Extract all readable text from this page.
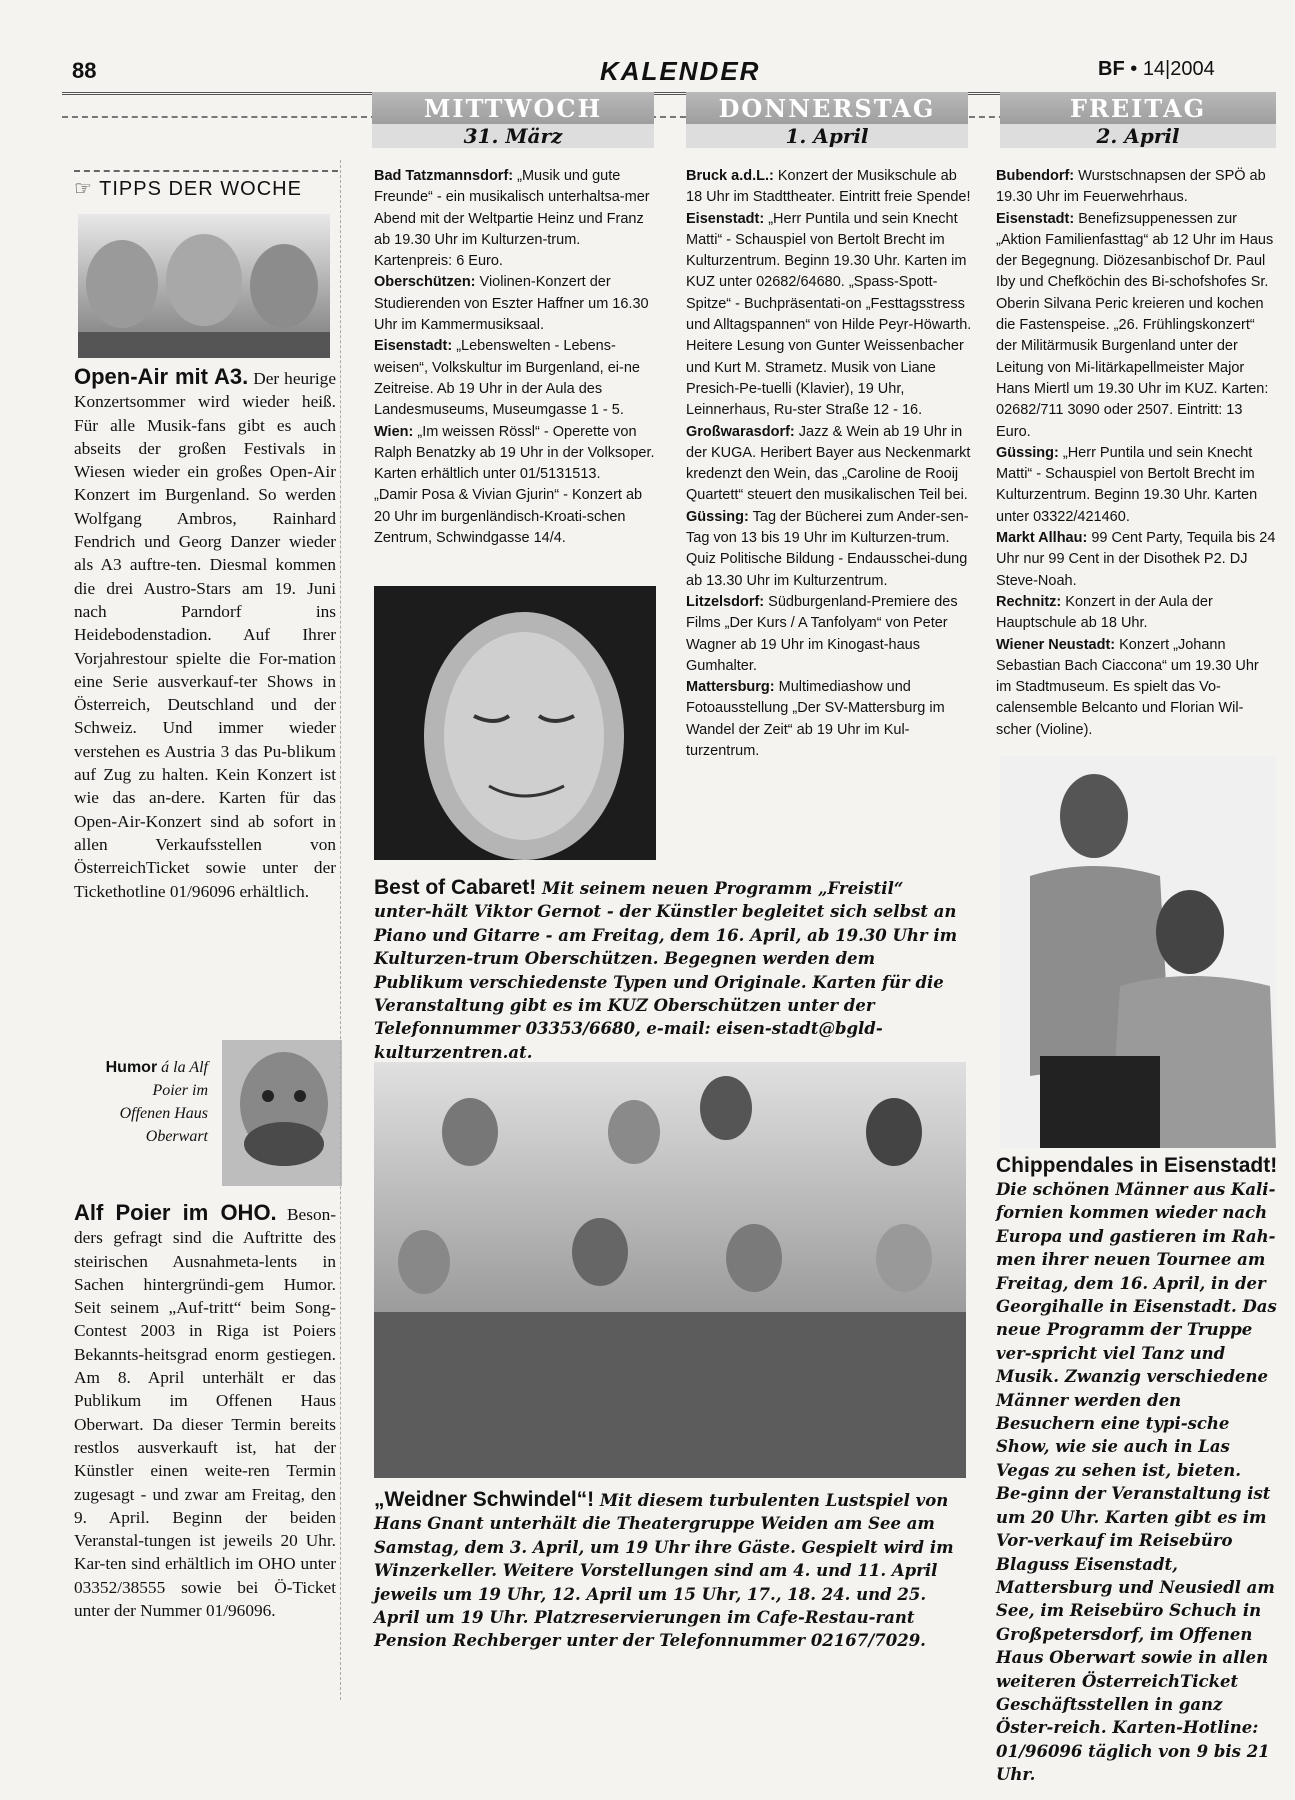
88	KALENDER	BF • 14|2004
MITTWOCH
31. März
DONNERSTAG
1. April
FREITAG
2. April
☞ TIPPS DER WOCHE
Open-Air mit A3. Der heurige Konzertsommer wird wieder heiß. Für alle Musik-fans gibt es auch abseits der großen Festivals in Wiesen wieder ein großes Open-Air Konzert im Burgenland. So werden Wolfgang Ambros, Rainhard Fendrich und Georg Danzer wieder als A3 auftre-ten. Diesmal kommen die drei Austro-Stars am 19. Juni nach Parndorf ins Heidebodenstadion. Auf Ihrer Vorjahrestour spielte die For-mation eine Serie ausverkauf-ter Shows in Österreich, Deutschland und der Schweiz. Und immer wieder verstehen es Austria 3 das Pu-blikum auf Zug zu halten. Kein Konzert ist wie das an-dere. Karten für das Open-Air-Konzert sind ab sofort in allen Verkaufsstellen von ÖsterreichTicket sowie unter der Tickethotline 01/96096 erhältlich.
Humor á la Alf
Poier im
Offenen Haus
Oberwart
Alf Poier im OHO. Beson-ders gefragt sind die Auftritte des steirischen Ausnahmeta-lents in Sachen hintergründi-gem Humor. Seit seinem „Auf-tritt“ beim Song-Contest 2003 in Riga ist Poiers Bekannts-heitsgrad enorm gestiegen. Am 8. April unterhält er das Publikum im Offenen Haus Oberwart. Da dieser Termin bereits restlos ausverkauft ist, hat der Künstler einen weite-ren Termin zugesagt - und zwar am Freitag, den 9. April. Beginn der beiden Veranstal-tungen ist jeweils 20 Uhr. Kar-ten sind erhältlich im OHO unter 03352/38555 sowie bei Ö-Ticket unter der Nummer 01/96096.

Bad Tatzmannsdorf: „Musik und gute Freunde“ - ein musikalisch unterhaltsa-mer Abend mit der Weltpartie Heinz und Franz ab 19.30 Uhr im Kulturzen-trum. Kartenpreis: 6 Euro.

Oberschützen: Violinen-Konzert der Studierenden von Eszter Haffner um 16.30 Uhr im Kammermusiksaal.

Eisenstadt: „Lebenswelten - Lebens-weisen“, Volkskultur im Burgenland, ei-ne Zeitreise. Ab 19 Uhr in der Aula des Landesmuseums, Museumgasse 1 - 5.

Wien: „Im weissen Rössl“ - Operette von Ralph Benatzky ab 19 Uhr in der Volksoper. Karten erhältlich unter 01/5131513.

„Damir Posa & Vivian Gjurin“ - Konzert ab 20 Uhr im burgenländisch-Kroati-schen Zentrum, Schwindgasse 14/4.

Bruck a.d.L.: Konzert der Musikschule ab 18 Uhr im Stadttheater. Eintritt freie Spende!

Eisenstadt: „Herr Puntila und sein Knecht Matti“ - Schauspiel von Bertolt Brecht im Kulturzentrum. Beginn 19.30 Uhr. Karten im KUZ unter 02682/64680. „Spass-Spott-Spitze“ - Buchpräsentati-on „Festtagsstress und Alltagspannen“ von Hilde Peyr-Höwarth. Heitere Lesung von Gunter Weissenbacher und Kurt M. Strametz. Musik von Liane Presich-Pe-tuelli (Klavier), 19 Uhr, Leinnerhaus, Ru-ster Straße 12 - 16.

Großwarasdorf: Jazz & Wein ab 19 Uhr in der KUGA. Heribert Bayer aus Neckenmarkt kredenzt den Wein, das „Caroline de Rooij Quartett“ steuert den musikalischen Teil bei.

Güssing: Tag der Bücherei zum Ander-sen-Tag von 13 bis 19 Uhr im Kulturzen-trum.

Quiz Politische Bildung - Endausschei-dung ab 13.30 Uhr im Kulturzentrum.

Litzelsdorf: Südburgenland-Premiere des Films „Der Kurs / A Tanfolyam“ von Peter Wagner ab 19 Uhr im Kinogast-haus Gumhalter.

Mattersburg: Multimediashow und Fotoausstellung „Der SV-Mattersburg im Wandel der Zeit“ ab 19 Uhr im Kul-turzentrum.

Bubendorf: Wurstschnapsen der SPÖ ab 19.30 Uhr im Feuerwehrhaus.

Eisenstadt: Benefizsuppenessen zur „Aktion Familienfasttag“ ab 12 Uhr im Haus der Begegnung. Diözesanbischof Dr. Paul Iby und Chefköchin des Bi-schofshofes Sr. Oberin Silvana Peric kreieren und kochen die Fastenspeise. „26. Frühlingskonzert“ der Militärmusik Burgenland unter der Leitung von Mi-litärkapellmeister Major Hans Miertl um 19.30 Uhr im KUZ. Karten: 02682/711 3090 oder 2507. Eintritt: 13 Euro.

Güssing: „Herr Puntila und sein Knecht Matti“ - Schauspiel von Bertolt Brecht im Kulturzentrum. Beginn 19.30 Uhr. Karten unter 03322/421460.

Markt Allhau: 99 Cent Party, Tequila bis 24 Uhr nur 99 Cent in der Disothek P2. DJ Steve-Noah.

Rechnitz: Konzert in der Aula der Hauptschule ab 18 Uhr.

Wiener Neustadt: Konzert „Johann Sebastian Bach Ciaccona“ um 19.30 Uhr im Stadtmuseum. Es spielt das Vo-calensemble Belcanto und Florian Wil-scher (Violine).

Best of Cabaret! Mit seinem neuen Programm „Freistil“ unter-hält Viktor Gernot - der Künstler begleitet sich selbst an Piano und Gitarre - am Freitag, dem 16. April, ab 19.30 Uhr im Kulturzen-trum Oberschützen. Begegnen werden dem Publikum verschiedenste Typen und Originale. Karten für die Veranstaltung gibt es im KUZ Oberschützen unter der Telefonnummer 03353/6680, e-mail: eisen-stadt@bgld-kulturzentren.at.
„Weidner Schwindel“! Mit diesem turbulenten Lustspiel von Hans Gnant unterhält die Theatergruppe Weiden am See am Samstag, dem 3. April, um 19 Uhr ihre Gäste. Gespielt wird im Winzerkeller. Weitere Vorstellungen sind am 4. und 11. April jeweils um 19 Uhr, 12. April um 15 Uhr, 17., 18. 24. und 25. April um 19 Uhr. Platzreservierungen im Cafe-Restau-rant Pension Rechberger unter der Telefonnummer 02167/7029.
Chippendales in Eisenstadt!
Die schönen Männer aus Kali-fornien kommen wieder nach Europa und gastieren im Rah-men ihrer neuen Tournee am Freitag, dem 16. April, in der Georgihalle in Eisenstadt. Das neue Programm der Truppe ver-spricht viel Tanz und Musik. Zwanzig verschiedene Männer werden den Besuchern eine typi-sche Show, wie sie auch in Las Vegas zu sehen ist, bieten. Be-ginn der Veranstaltung ist um 20 Uhr. Karten gibt es im Vor-verkauf im Reisebüro Blaguss Eisenstadt, Mattersburg und Neusiedl am See, im Reisebüro Schuch in Großpetersdorf, im Offenen Haus Oberwart sowie in allen weiteren ÖsterreichTicket Geschäftsstellen in ganz Öster-reich. Karten-Hotline: 01/96096 täglich von 9 bis 21 Uhr.
